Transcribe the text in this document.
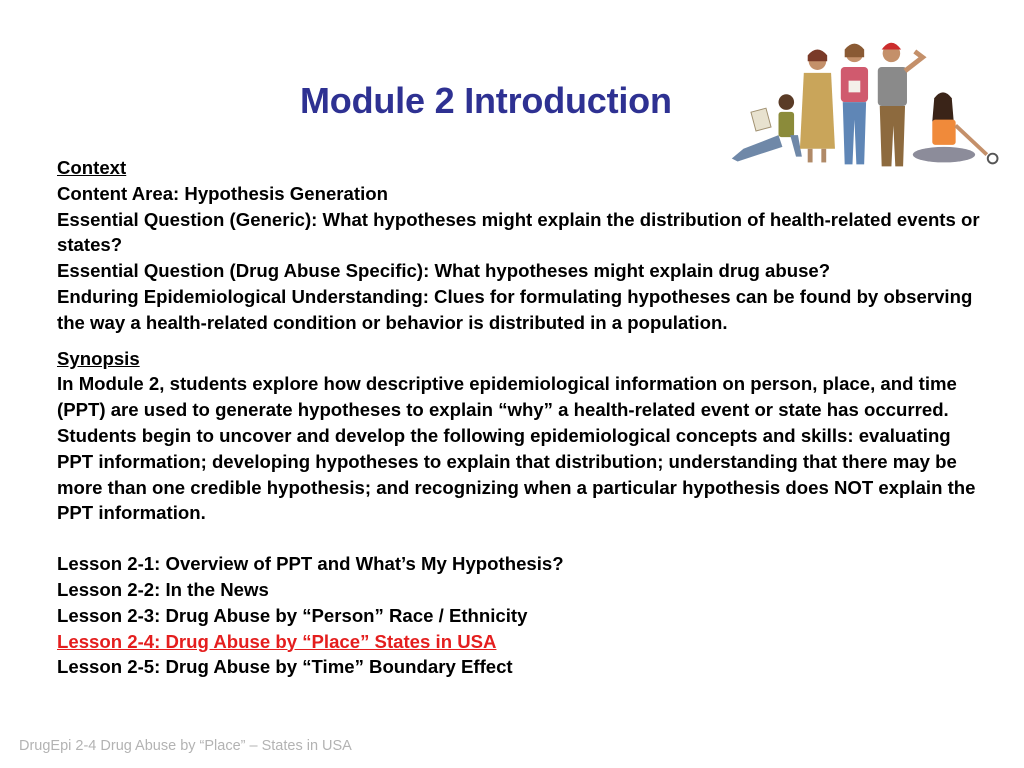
Module 2 Introduction

Context

Content Area: Hypothesis Generation

Essential Question (Generic): What hypotheses might explain the distribution of health-related events or states?

Essential Question (Drug Abuse Specific): What hypotheses might explain drug abuse?

Enduring Epidemiological Understanding: Clues for formulating hypotheses can be found by observing the way a health-related condition or behavior is distributed in a population.

Synopsis

In Module 2, students explore how descriptive epidemiological information on person, place, and time (PPT) are used to generate hypotheses to explain “why” a health-related event or state has occurred. Students begin to uncover and develop the following epidemiological concepts and skills: evaluating PPT information; developing hypotheses to explain that distribution; understanding that there may be more than one credible hypothesis; and recognizing when a particular hypothesis does NOT explain the PPT information.

Lesson 2-1: Overview of PPT and What’s My Hypothesis?

Lesson 2-2: In the News

Lesson 2-3: Drug Abuse by “Person” Race / Ethnicity

Lesson 2-4: Drug Abuse by “Place” States in USA

Lesson 2-5: Drug Abuse by “Time” Boundary Effect

DrugEpi 2-4 Drug Abuse by “Place” – States in USA
